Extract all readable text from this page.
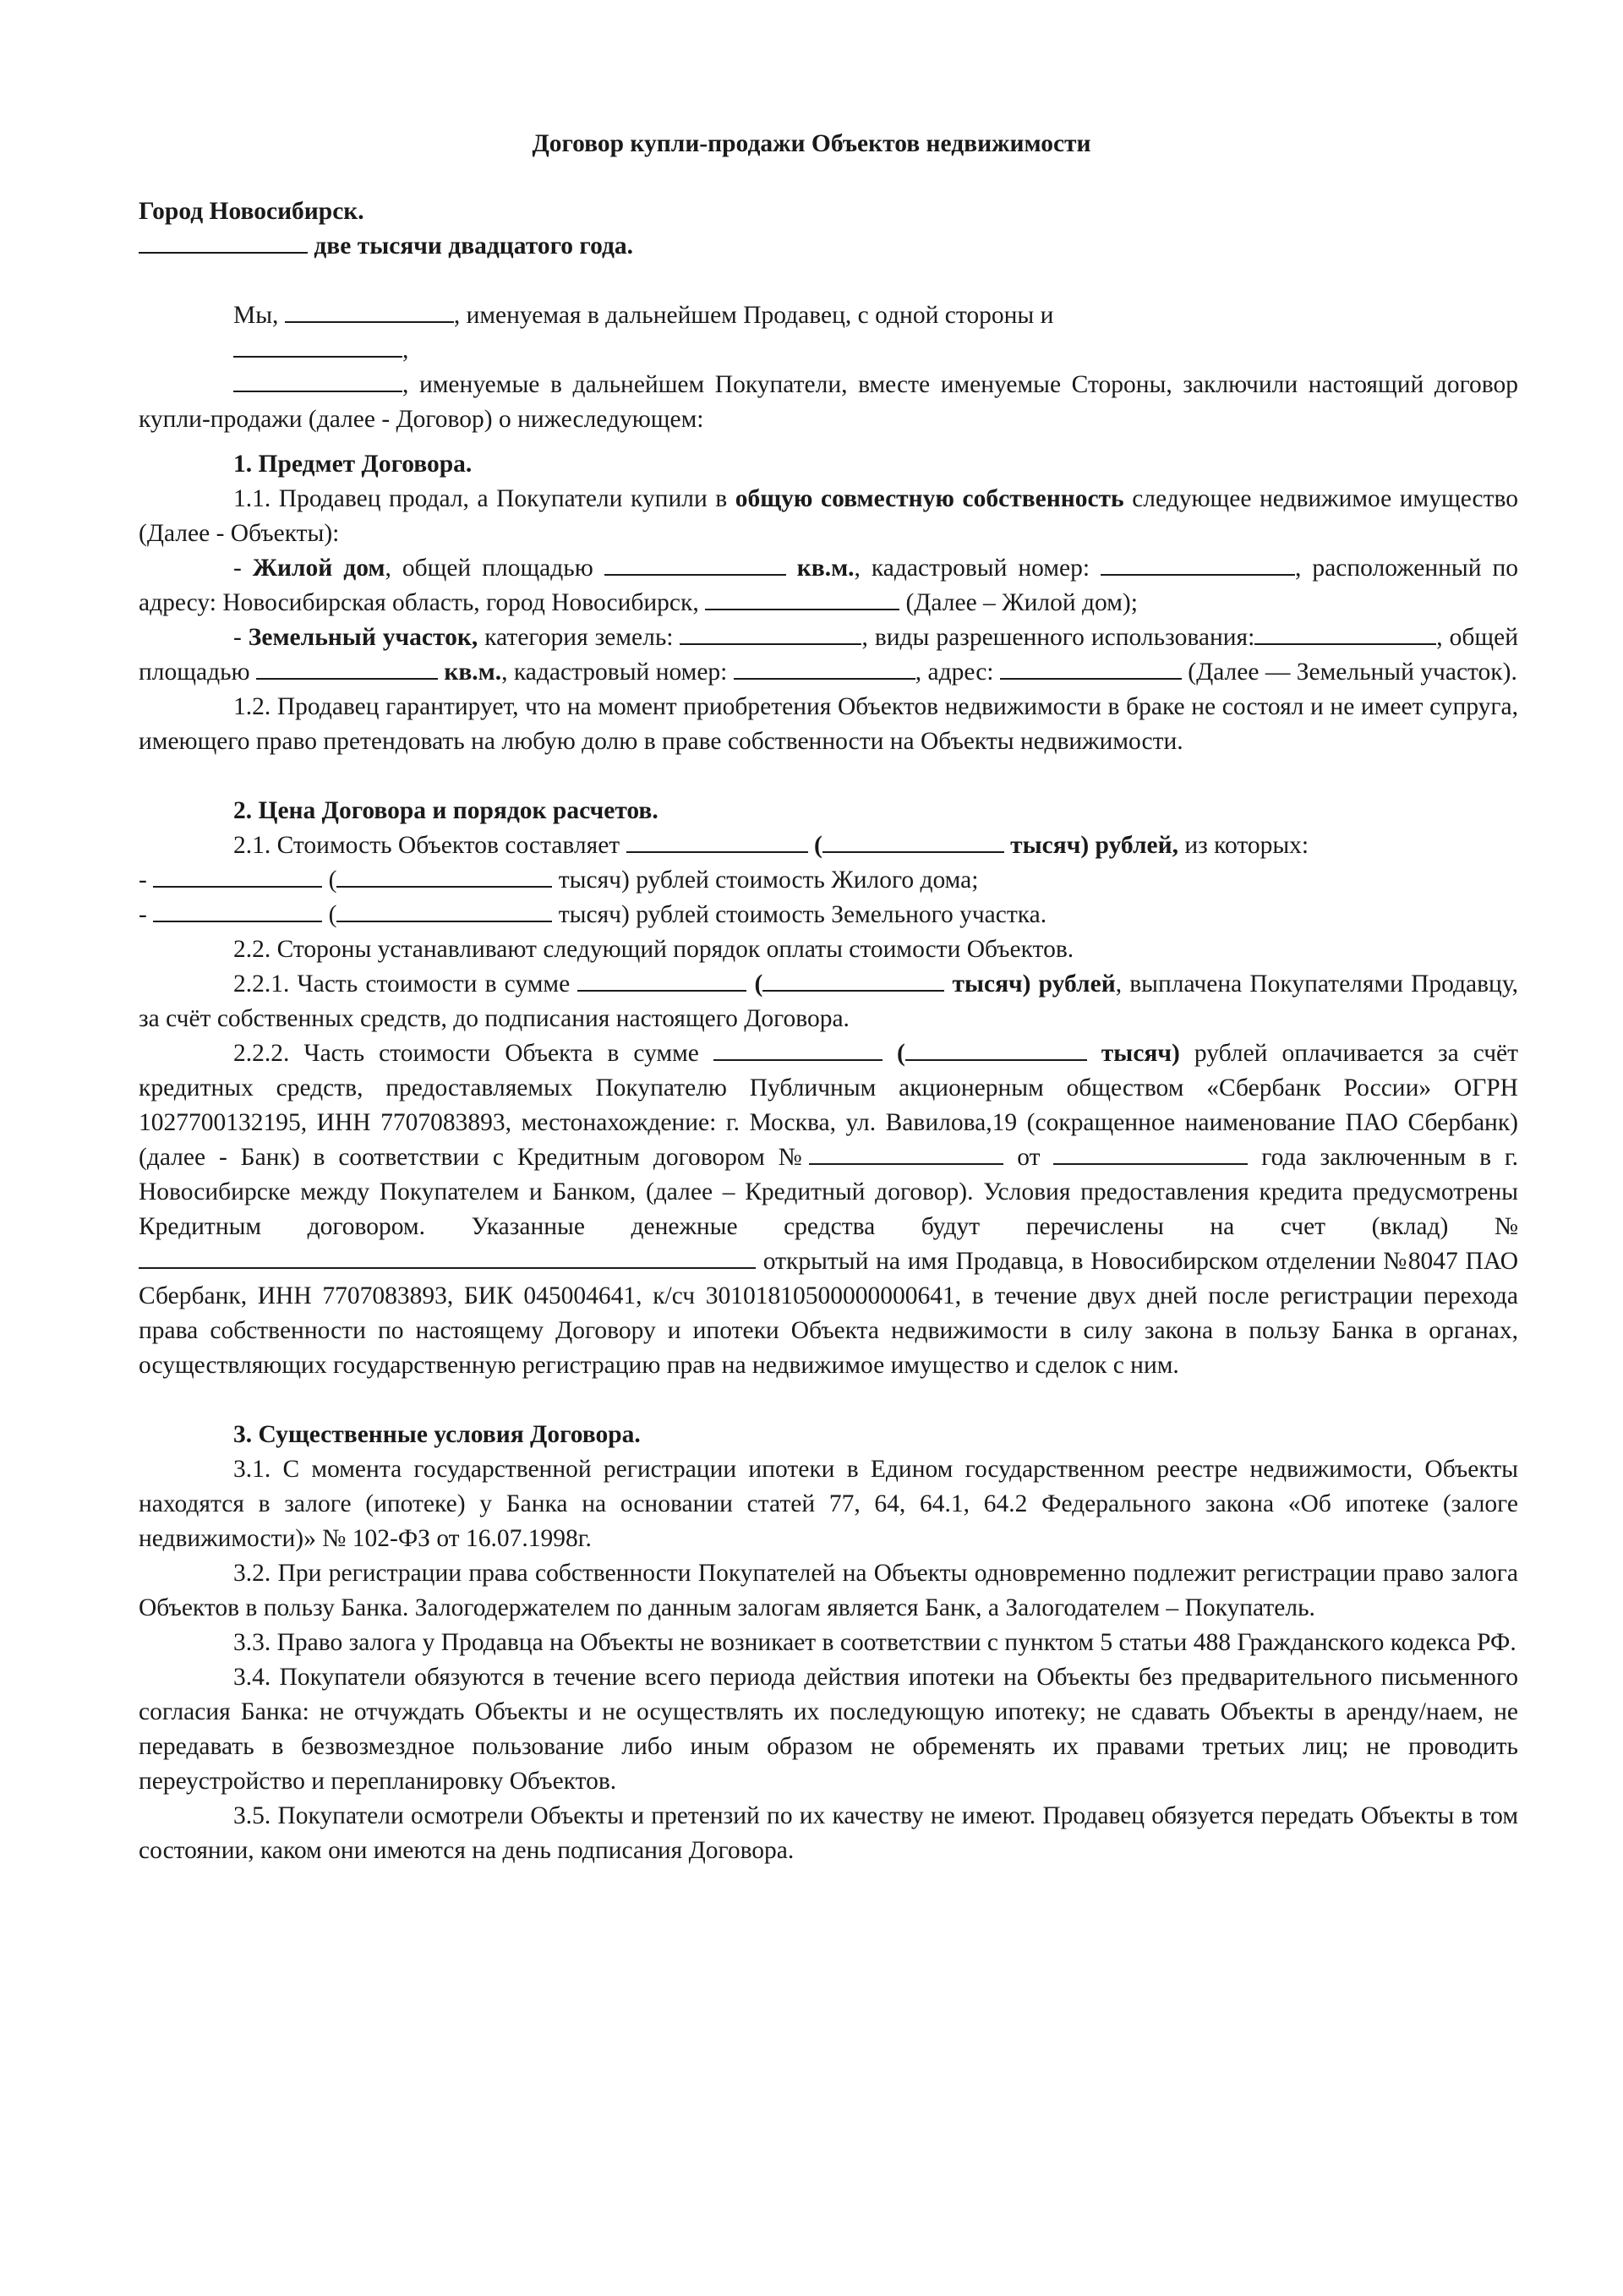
Договор купли-продажи Объектов недвижимости

Город Новосибирск.

две тысячи двадцатого года.

Мы,	, именуемая в дальнейшем Продавец, с одной стороны и

,

, именуемые в дальнейшем Покупатели, вместе именуемые Стороны, заключили настоящий договор купли-продажи (далее - Договор) о нижеследующем:

1. Предмет Договора.

1.1. Продавец продал, а Покупатели купили в общую совместную собственность следующее недвижимое имущество (Далее - Объекты):

- Жилой дом, общей площадью	кв.м., кадастровый номер:	, расположенный по адресу: Новосибирская область, город Новосибирск,	(Далее – Жилой дом);

- Земельный участок, категория земель:	, виды разрешенного использования:	, общей площадью	кв.м., кадастровый номер:	, адрес:	(Далее — Земельный участок).

1.2. Продавец гарантирует, что на момент приобретения Объектов недвижимости в браке не состоял и не имеет супруга, имеющего право претендовать на любую долю в праве собственности на Объекты недвижимости.

2. Цена Договора и порядок расчетов.

2.1. Стоимость Объектов составляет	(	тысяч) рублей, из которых:

-	(	тысяч) рублей стоимость Жилого дома;

-	(	тысяч) рублей стоимость Земельного участка.

2.2. Стороны устанавливают следующий порядок оплаты стоимости Объектов.

2.2.1. Часть стоимости в сумме	(	тысяч) рублей, выплачена Покупателями Продавцу, за счёт собственных средств, до подписания настоящего Договора.

2.2.2. Часть стоимости Объекта в сумме	(	тысяч) рублей оплачивается за счёт кредитных средств, предоставляемых Покупателю Публичным акционерным обществом «Сбербанк России» ОГРН 1027700132195, ИНН 7707083893, местонахождение: г. Москва, ул. Вавилова,19 (сокращенное наименование ПАО Сбербанк) (далее - Банк) в соответствии с Кредитным договором №	от	года заключенным в г. Новосибирске между Покупателем и Банком, (далее – Кредитный договор). Условия предоставления кредита предусмотрены Кредитным договором. Указанные денежные средства будут перечислены на счет (вклад) №  открытый на имя Продавца, в Новосибирском отделении №8047 ПАО Сбербанк, ИНН 7707083893, БИК 045004641, к/сч 30101810500000000641, в течение двух дней после регистрации перехода права собственности по настоящему Договору и ипотеки Объекта недвижимости в силу закона в пользу Банка в органах, осуществляющих государственную регистрацию прав на недвижимое имущество и сделок с ним.

3. Существенные условия Договора.

3.1. С момента государственной регистрации ипотеки в Едином государственном реестре недвижимости, Объекты находятся в залоге (ипотеке) у Банка на основании статей 77, 64, 64.1, 64.2 Федерального закона «Об ипотеке (залоге недвижимости)» № 102-ФЗ от 16.07.1998г.

3.2. При регистрации права собственности Покупателей на Объекты одновременно подлежит регистрации право залога Объектов в пользу Банка. Залогодержателем по данным залогам является Банк, а Залогодателем – Покупатель.

3.3. Право залога у Продавца на Объекты не возникает в соответствии с пунктом 5 статьи 488 Гражданского кодекса РФ.

3.4. Покупатели обязуются в течение всего периода действия ипотеки на Объекты без предварительного письменного согласия Банка: не отчуждать Объекты и не осуществлять их последующую ипотеку; не сдавать Объекты в аренду/наем, не передавать в безвозмездное пользование либо иным образом не обременять их правами третьих лиц; не проводить переустройство и перепланировку Объектов.

3.5. Покупатели осмотрели Объекты и претензий по их качеству не имеют. Продавец обязуется передать Объекты в том состоянии, каком они имеются на день подписания Договора.
